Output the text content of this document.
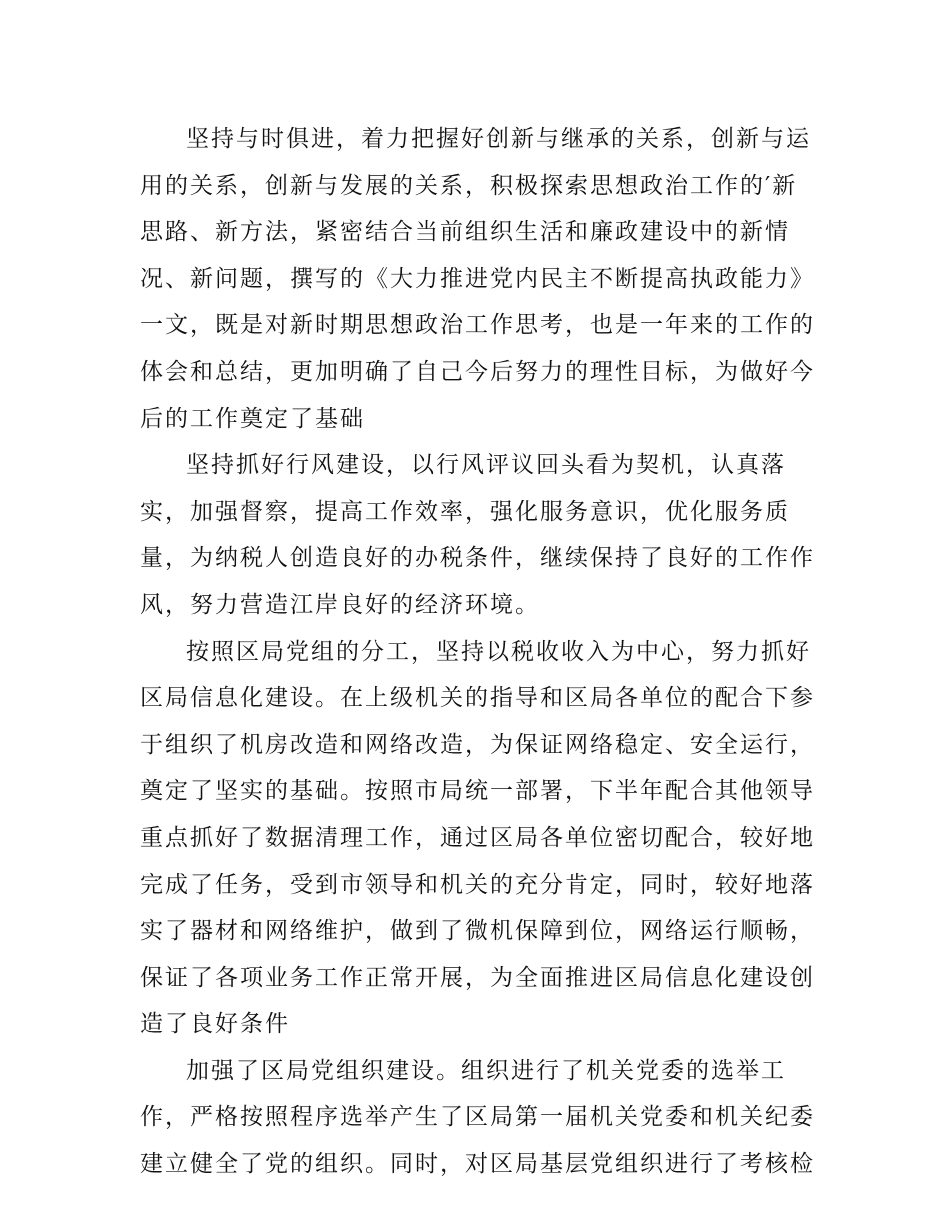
坚持与时俱进，着力把握好创新与继承的关系，创新与运
用的关系，创新与发展的关系，积极探索思想政治工作的′新
思路、新方法，紧密结合当前组织生活和廉政建设中的新情
况、新问题，撰写的《大力推进党内民主不断提高执政能力》
一文，既是对新时期思想政治工作思考，也是一年来的工作的
体会和总结，更加明确了自己今后努力的理性目标，为做好今
后的工作奠定了基础
坚持抓好行风建设，以行风评议回头看为契机，认真落
实，加强督察，提高工作效率，强化服务意识，优化服务质
量，为纳税人创造良好的办税条件，继续保持了良好的工作作
风，努力营造江岸良好的经济环境。
按照区局党组的分工，坚持以税收收入为中心，努力抓好
区局信息化建设。在上级机关的指导和区局各单位的配合下参
于组织了机房改造和网络改造，为保证网络稳定、安全运行，
奠定了坚实的基础。按照市局统一部署，下半年配合其他领导
重点抓好了数据清理工作，通过区局各单位密切配合，较好地
完成了任务，受到市领导和机关的充分肯定，同时，较好地落
实了器材和网络维护，做到了微机保障到位，网络运行顺畅，
保证了各项业务工作正常开展，为全面推进区局信息化建设创
造了良好条件
加强了区局党组织建设。组织进行了机关党委的选举工
作，严格按照程序选举产生了区局第一届机关党委和机关纪委
建立健全了党的组织。同时，对区局基层党组织进行了考核检
